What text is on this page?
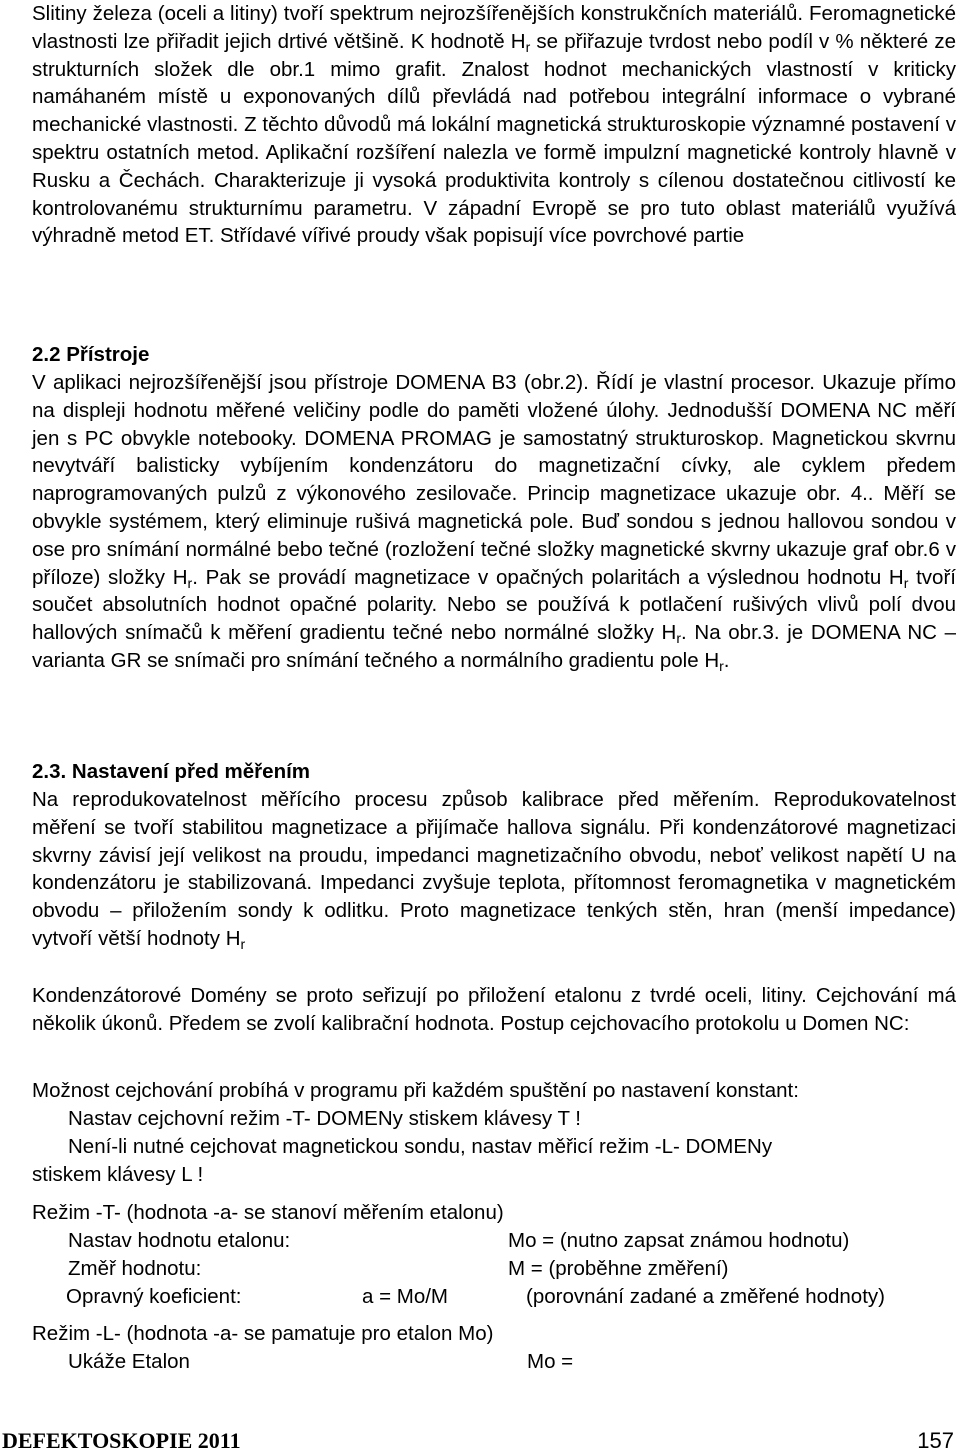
Slitiny železa (oceli a litiny) tvoří spektrum nejrozšířenějších konstrukčních materiálů. Feromagnetické vlastnosti lze přiřadit jejich drtivé většině. K hodnotě $H_r$ se přiřazuje tvrdost nebo podíl v % některé ze strukturních složek dle obr.1 mimo grafit. Znalost hodnot mechanických vlastností v kriticky namáhaném místě u exponovaných dílů převládá nad potřebou integrální informace o vybrané mechanické vlastnosti. Z těchto důvodů má lokální magnetická strukturoskopie významné postavení v spektru ostatních metod. Aplikační rozšíření nalezla ve formě impulzní magnetické kontroly hlavně v Rusku a Čechách. Charakterizuje ji vysoká produktivita kontroly s cílenou dostatečnou citlivostí ke kontrolovanému strukturnímu parametru. V západní Evropě se pro tuto oblast materiálů využívá výhradně metod ET. Střídavé vířivé proudy však popisují více povrchové partie

2.2 Přístroje

V aplikaci nejrozšířenější jsou přístroje DOMENA B3 (obr.2). Řídí je vlastní procesor. Ukazuje přímo na displeji hodnotu měřené veličiny podle do paměti vložené úlohy. Jednodušší DOMENA NC měří jen s PC obvykle notebooky. DOMENA PROMAG je samostatný strukturoskop. Magnetickou skvrnu nevytváří balisticky vybíjením kondenzátoru do magnetizační cívky, ale cyklem předem naprogramovaných pulzů z výkonového zesilovače. Princip magnetizace ukazuje obr. 4.. Měří se obvykle systémem, který eliminuje rušivá magnetická pole. Buď sondou s jednou hallovou sondou v ose pro snímání normálné bebo tečné (rozložení tečné složky magnetické skvrny ukazuje graf obr.6 v příloze) složky $H_r$. Pak se provádí magnetizace v opačných polaritách a výslednou hodnotu $H_r$ tvoří součet absolutních hodnot opačné polarity. Nebo se používá k potlačení rušivých vlivů polí dvou hallových snímačů k měření gradientu tečné nebo normálné složky $H_r$. Na obr.3. je DOMENA NC – varianta GR se snímači pro snímání tečného a normálního gradientu pole $H_r$.

2.3. Nastavení před měřením

Na reprodukovatelnost měřícího procesu způsob kalibrace před měřením. Reprodukovatelnost měření se tvoří stabilitou magnetizace a přijímače hallova signálu. Při kondenzátorové magnetizaci skvrny závisí její velikost na proudu, impedanci magnetizačního obvodu, neboť velikost napětí U na kondenzátoru je stabilizovaná. Impedanci zvyšuje teplota, přítomnost feromagnetika v magnetickém obvodu – přiložením sondy k odlitku. Proto magnetizace tenkých stěn, hran (menší impedance) vytvoří větší hodnoty $H_r$

Kondenzátorové Domény se proto seřizují po přiložení etalonu z tvrdé oceli, litiny. Cejchování má několik úkonů. Předem se zvolí kalibrační hodnota. Postup cejchovacího protokolu u Domen NC:

Možnost cejchování probíhá v programu při každém spuštění po nastavení konstant:

Nastav cejchovní režim -T- DOMENy stiskem klávesy T !
Není-li nutné cejchovat magnetickou sondu, nastav měřicí režim -L- DOMENy
stiskem klávesy L !
Režim -T- (hodnota -a- se stanoví měřením etalonu)
Nastav hodnotu etalonu:	Mo = (nutno zapsat známou hodnotu)
Změř hodnotu:	M = (proběhne změření)
Opravný koeficient:	a = Mo/M	(porovnání zadané a změřené hodnoty)
Režim -L- (hodnota -a- se pamatuje pro etalon Mo)
Ukáže Etalon	Mo =
DEFEKTOSKOPIE 2011	157
